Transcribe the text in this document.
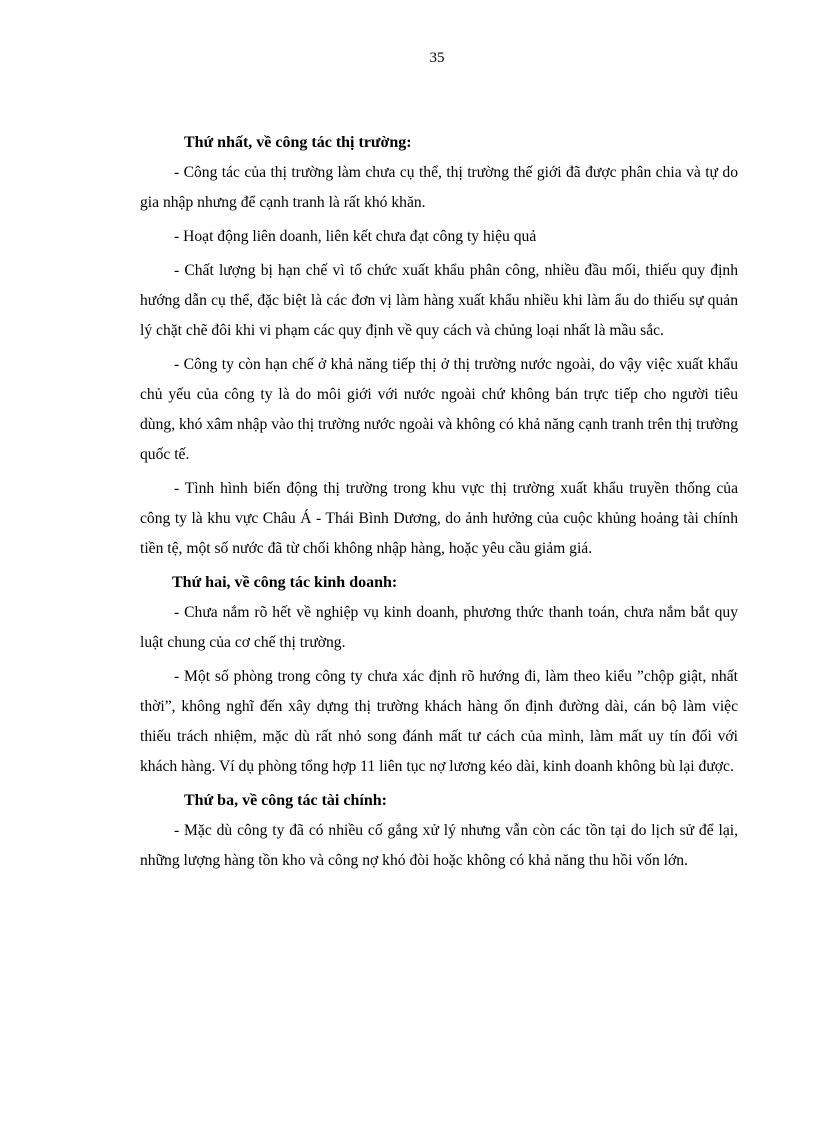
35
Thứ nhất, về công tác thị trường:

- Công tác của thị trường làm chưa cụ thể, thị trường thế giới đã được phân chia và tự do gia nhập nhưng để cạnh tranh là rất khó khăn.

- Hoạt động liên doanh, liên kết chưa đạt công ty hiệu quả

- Chất lượng bị hạn chế vì tổ chức xuất khẩu phân công, nhiều đầu mối, thiếu quy định hướng dẫn cụ thể, đặc biệt là các đơn vị làm hàng xuất khẩu nhiều khi làm ẩu do thiếu sự quản lý chặt chẽ đôi khi vi phạm các quy định về quy cách và chủng loại nhất là mầu sắc.

- Công ty còn hạn chế ở khả năng tiếp thị ở thị trường nước ngoài, do vậy việc xuất khẩu chủ yếu của công ty là do môi giới với nước ngoài chứ không bán trực tiếp cho người tiêu dùng, khó xâm nhập vào thị trường nước ngoài và không có khả năng cạnh tranh trên thị trường quốc tế.

- Tình hình biến động thị trường trong khu vực thị trường xuất khẩu truyền thống của công ty là khu vực Châu Á - Thái Bình Dương, do ảnh hưởng của cuộc khủng hoảng tài chính tiền tệ, một số nước đã từ chối không nhập hàng, hoặc yêu cầu giảm giá.

Thứ hai, về công tác kinh doanh:

- Chưa nắm rõ hết về nghiệp vụ kinh doanh, phương thức thanh toán, chưa nắm bắt quy luật chung của cơ chế thị trường.

- Một số phòng trong công ty chưa xác định rõ hướng đi, làm theo kiểu ”chộp giật, nhất thời”, không nghĩ đến xây dựng thị trường khách hàng ổn định đường dài, cán bộ làm việc thiếu trách nhiệm, mặc dù rất nhỏ song đánh mất tư cách của mình, làm mất uy tín đối với khách hàng. Ví dụ phòng tổng hợp 11 liên tục nợ lương kéo dài, kinh doanh không bù lại được.

Thứ ba, về công tác tài chính:

- Mặc dù công ty đã có nhiều cố gắng xử lý nhưng vẫn còn các tồn tại do lịch sử để lại, những lượng hàng tồn kho và công nợ khó đòi hoặc không có khả năng thu hồi vốn lớn.
